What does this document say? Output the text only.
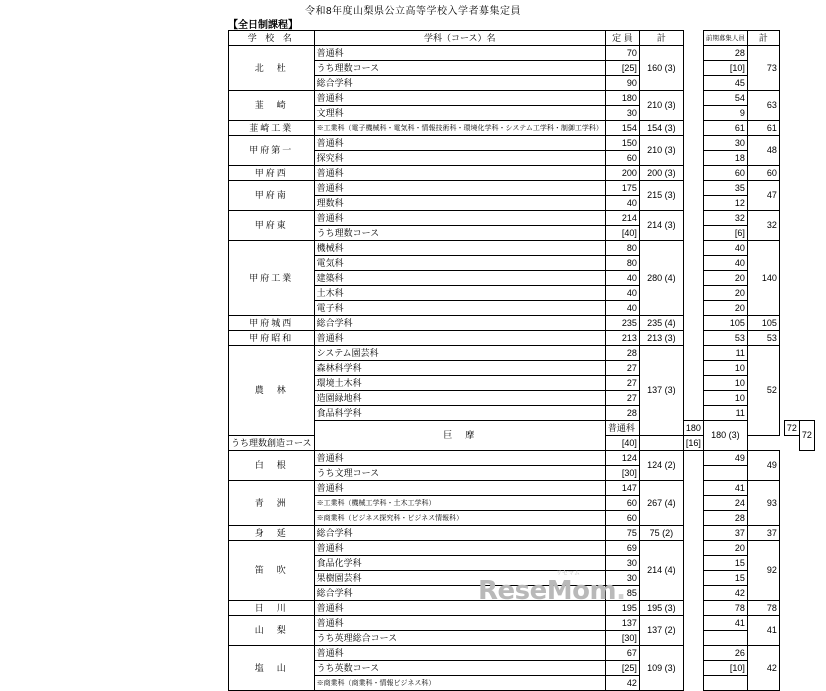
令和8年度山梨県公立高等学校入学者募集定員
【全日制課程】
学 校 名	学科（コース）名	定 員	計		前期募集人員	計			
北　杜	普通科	70	160 (3)		28	73			
	うち理数コース	[25]			[10]				
	総合学科	90			45				
韮　崎	普通科	180	210 (3)		54	63			
	文理科	30			9				
韮崎工業	※工業科（電子機械科・電気科・情報技術科・環境化学科・システム工学科・制御工学科）	154	154 (3)		61	61			
甲府第一	普通科	150	210 (3)		30	48			
	探究科	60			18				
甲府西	普通科	200	200 (3)		60	60			
甲府南	普通科	175	215 (3)		35	47			
	理数科	40			12				
甲府東	普通科	214	214 (3)		32	32			
	うち理数コース	[40]			[6]				
甲府工業	機械科	80	280 (4)		40	140			
	電気科	80			40				
	建築科	40			20				
	土木科	40			20				
	電子科	40			20				
甲府城西	総合学科	235	235 (4)		105	105			
甲府昭和	普通科	213	213 (3)		53	53			
農　林	システム園芸科	28	137 (3)		11	52			
	森林科学科	27			10				
	環境土木科	27			10				
	造園緑地科	27			10				
	食品科学科	28			11				
	巨　摩	普通科		180	180 (3)			72	72
うち理数創造コース		[40]		[16]					
白　根	普通科	124	124 (2)		49	49			
	うち文理コース	[30]							
青　洲	普通科	147	267 (4)		41	93			
	※工業科（機械工学科・土木工学科）	60			24				
	※商業科（ビジネス探究科・ビジネス情報科）	60			28				
身　延	総合学科	75	75 (2)		37	37			
笛　吹	普通科	69	214 (4)		20	92			
	食品化学科	30			15				
	果樹園芸科	30			15				
	総合学科	85			42				
日　川	普通科	195	195 (3)		78	78			
山　梨	普通科	137	137 (2)		41	41			
	うち英理総合コース	[30]							
塩　山	普通科	67	109 (3)		26	42			
	うち英数コース	[25]			[10]				
	※商業科（商業科・情報ビジネス科）	42							
ReseMom.
リセマム
